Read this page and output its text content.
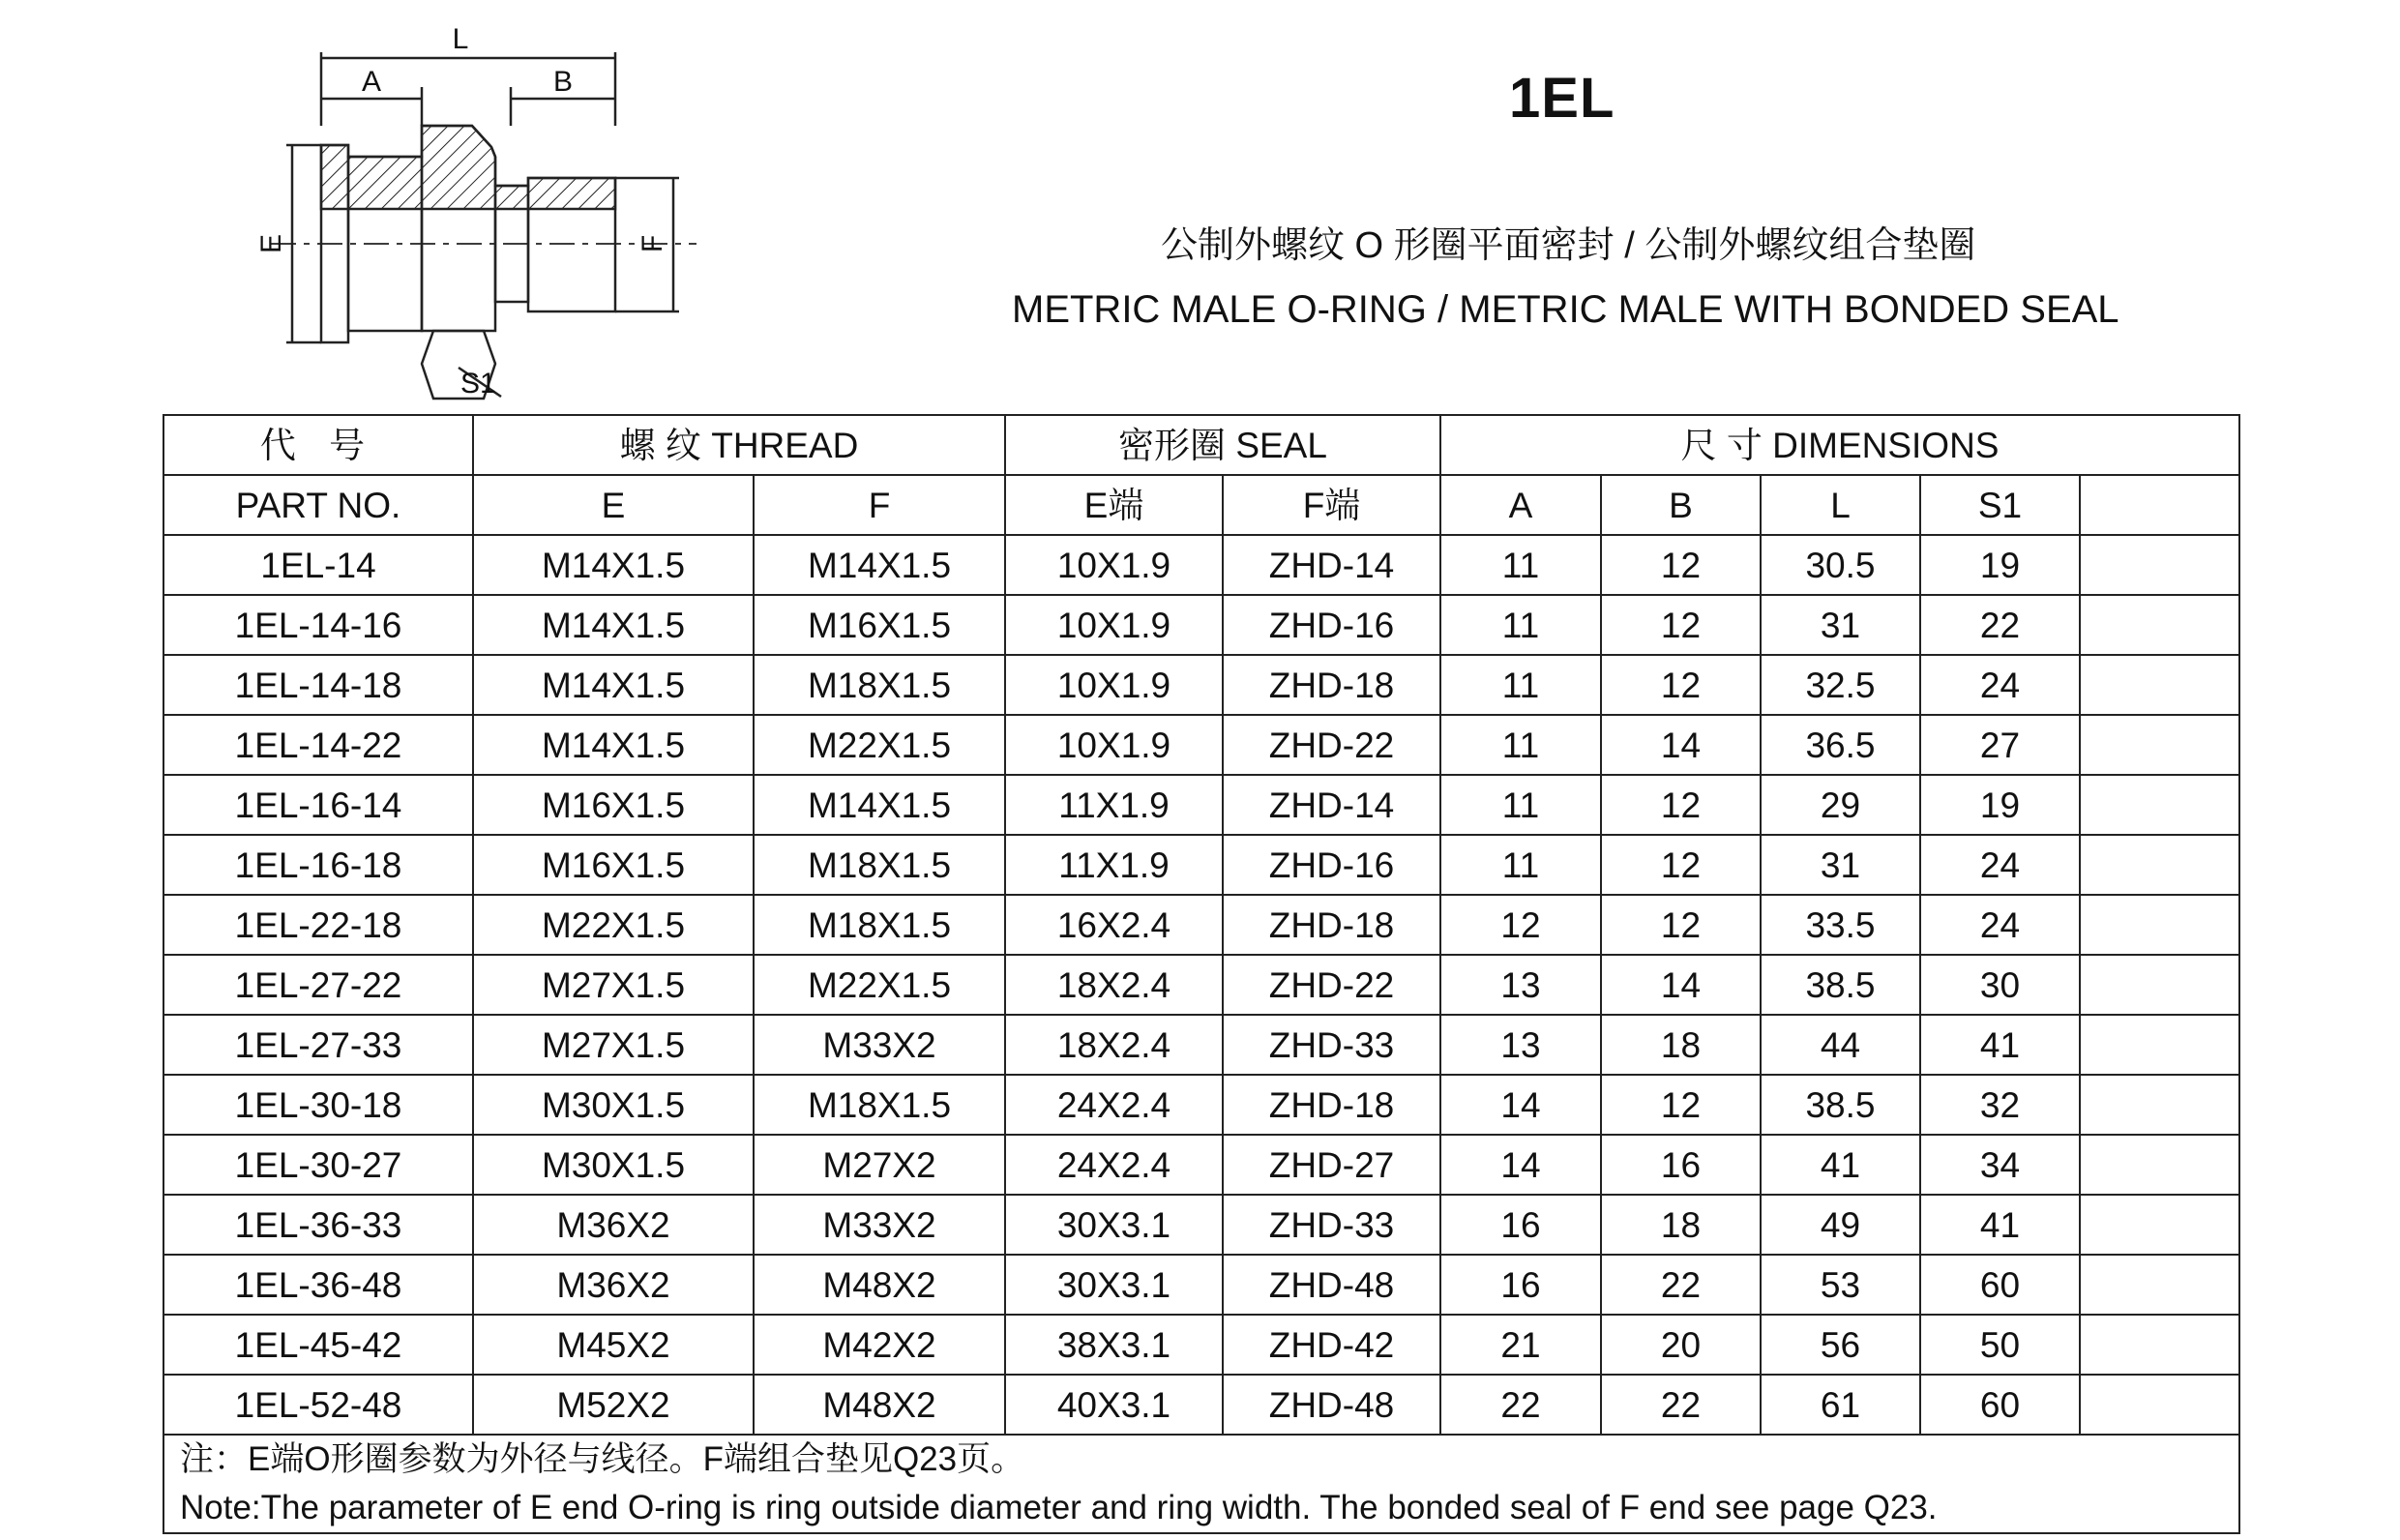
L
A	B
E	F
S1
1EL
公制外螺纹 O 形圈平面密封 / 公制外螺纹组合垫圈
METRIC MALE O-RING / METRIC MALE WITH BONDED SEAL
代 号	螺 纹 THREAD		密形圈 SEAL		尺 寸 DIMENSIONS				
PART NO.	E	F	E端	F端	A	B	L	S1	
1EL-14	M14X1.5	M14X1.5	10X1.9	ZHD-14	11	12	30.5	19	
1EL-14-16	M14X1.5	M16X1.5	10X1.9	ZHD-16	11	12	31	22	
1EL-14-18	M14X1.5	M18X1.5	10X1.9	ZHD-18	11	12	32.5	24	
1EL-14-22	M14X1.5	M22X1.5	10X1.9	ZHD-22	11	14	36.5	27	
1EL-16-14	M16X1.5	M14X1.5	11X1.9	ZHD-14	11	12	29	19	
1EL-16-18	M16X1.5	M18X1.5	11X1.9	ZHD-16	11	12	31	24	
1EL-22-18	M22X1.5	M18X1.5	16X2.4	ZHD-18	12	12	33.5	24	
1EL-27-22	M27X1.5	M22X1.5	18X2.4	ZHD-22	13	14	38.5	30	
1EL-27-33	M27X1.5	M33X2	18X2.4	ZHD-33	13	18	44	41	
1EL-30-18	M30X1.5	M18X1.5	24X2.4	ZHD-18	14	12	38.5	32	
1EL-30-27	M30X1.5	M27X2	24X2.4	ZHD-27	14	16	41	34	
1EL-36-33	M36X2	M33X2	30X3.1	ZHD-33	16	18	49	41	
1EL-36-48	M36X2	M48X2	30X3.1	ZHD-48	16	22	53	60	
1EL-45-42	M45X2	M42X2	38X3.1	ZHD-42	21	20	56	50	
1EL-52-48	M52X2	M48X2	40X3.1	ZHD-48	22	22	61	60	

注：E端O形圈参数为外径与线径。F端组合垫见Q23页。
Note:The parameter of E end O-ring is ring outside diameter and ring width. The bonded seal of F end see page Q23.									
